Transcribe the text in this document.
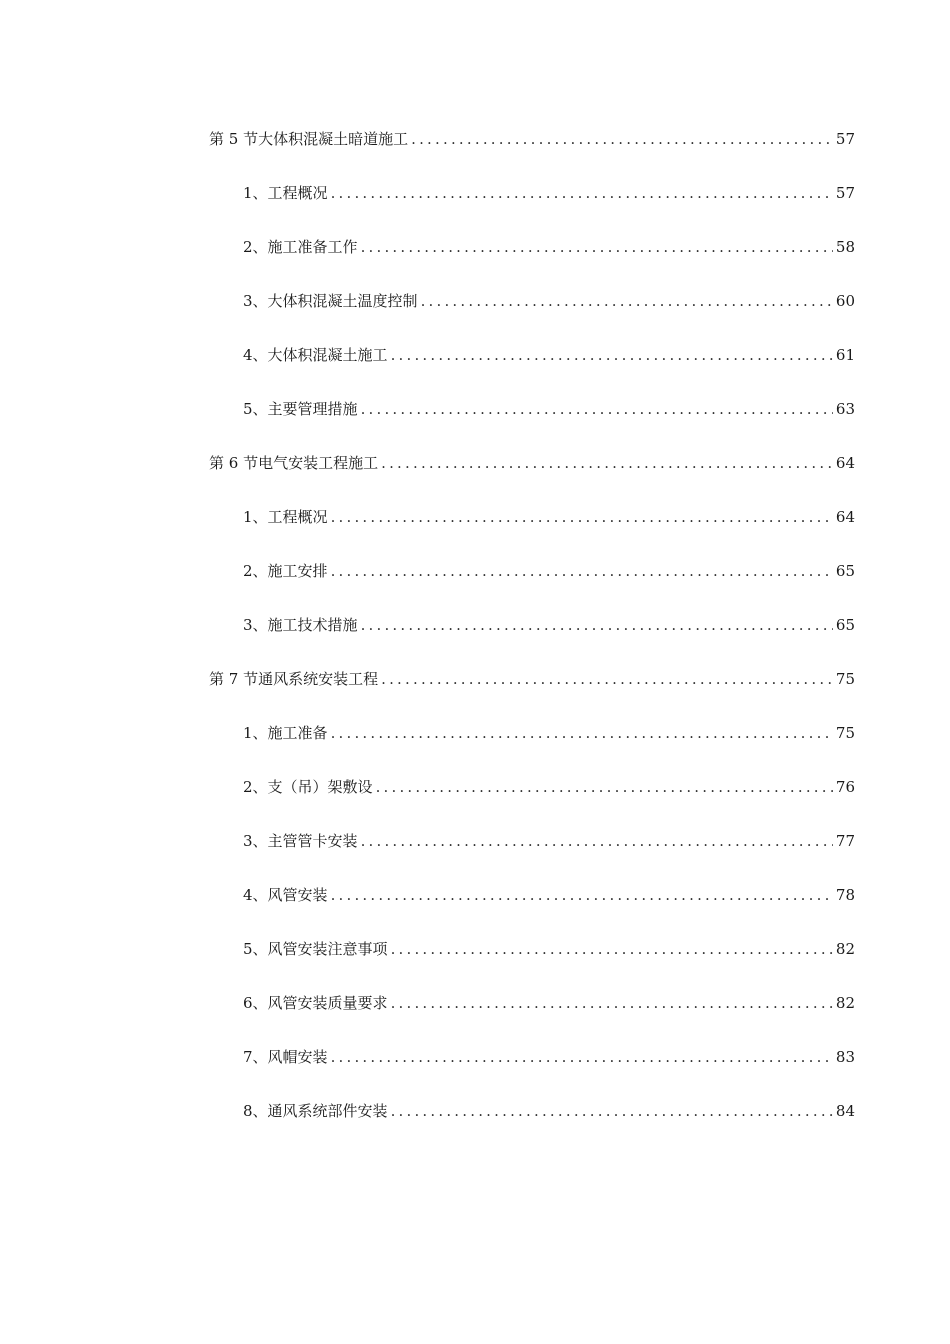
第 5 节 大体积混凝土暗道施工 .....	57
1、 工程概况 .....	57
2、 施工准备工作 .....	58
3、 大体积混凝土温度控制 .....	60
4、 大体积混凝土施工 .....	61
5、 主要管理措施 .....	63
第 6 节 电气安装工程施工 .....	64
1、 工程概况 .....	64
2、 施工安排 .....	65
3、 施工技术措施 .....	65
第 7 节 通风系统安装工程 .....	75
1、 施工准备 .....	75
2、 支（吊）架敷设 .....	76
3、 主管管卡安装 .....	77
4、 风管安装 .....	78
5、 风管安装注意事项 .....	82
6、 风管安装质量要求 .....	82
7、 风帽安装 .....	83
8、 通风系统部件安装 .....	84
